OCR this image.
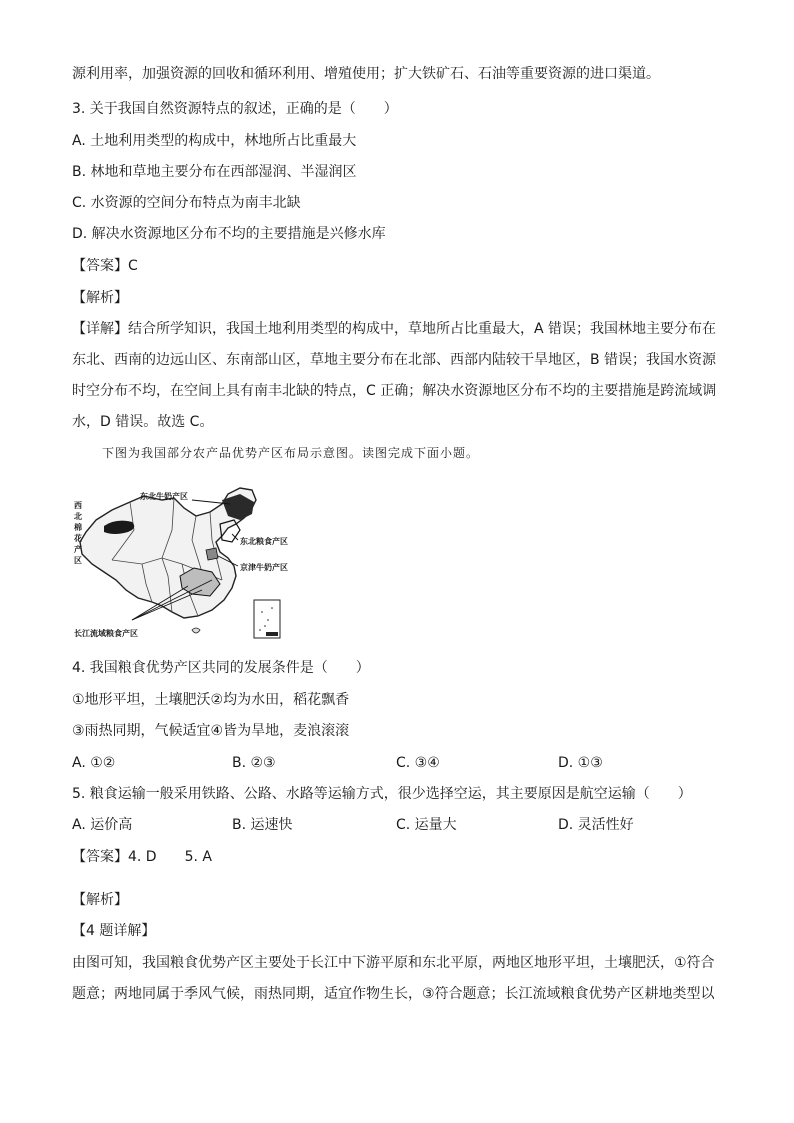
源利用率，加强资源的回收和循环利用、增殖使用；扩大铁矿石、石油等重要资源的进口渠道。
3. 关于我国自然资源特点的叙述，正确的是（　　）
A. 土地利用类型的构成中，林地所占比重最大
B. 林地和草地主要分布在西部湿润、半湿润区
C. 水资源的空间分布特点为南丰北缺
D. 解决水资源地区分布不均的主要措施是兴修水库
【答案】C
【解析】
【详解】结合所学知识，我国土地利用类型的构成中，草地所占比重最大，A 错误；我国林地主要分布在
东北、西南的边远山区、东南部山区，草地主要分布在北部、西部内陆较干旱地区，B 错误；我国水资源
时空分布不均，在空间上具有南丰北缺的特点，C 正确；解决水资源地区分布不均的主要措施是跨流域调
水，D 错误。故选 C。
下图为我国部分农产品优势产区布局示意图。读图完成下面小题。
东北牛奶产区
东北粮食产区
京津牛奶产区
长江流域粮食产区
西 北 棉 花 产 区
4. 我国粮食优势产区共同的发展条件是（　　）
①地形平坦，土壤肥沃②均为水田，稻花飘香
③雨热同期，气候适宜④皆为旱地，麦浪滚滚
A. ①②	B. ②③	C. ③④	D. ①③
5. 粮食运输一般采用铁路、公路、水路等运输方式，很少选择空运，其主要原因是航空运输（　　）
A. 运价高	B. 运速快	C. 运量大	D. 灵活性好
【答案】4. D　　5. A
【解析】
【4 题详解】
由图可知，我国粮食优势产区主要处于长江中下游平原和东北平原，两地区地形平坦，土壤肥沃，①符合
题意；两地同属于季风气候，雨热同期，适宜作物生长，③符合题意；长江流域粮食优势产区耕地类型以
